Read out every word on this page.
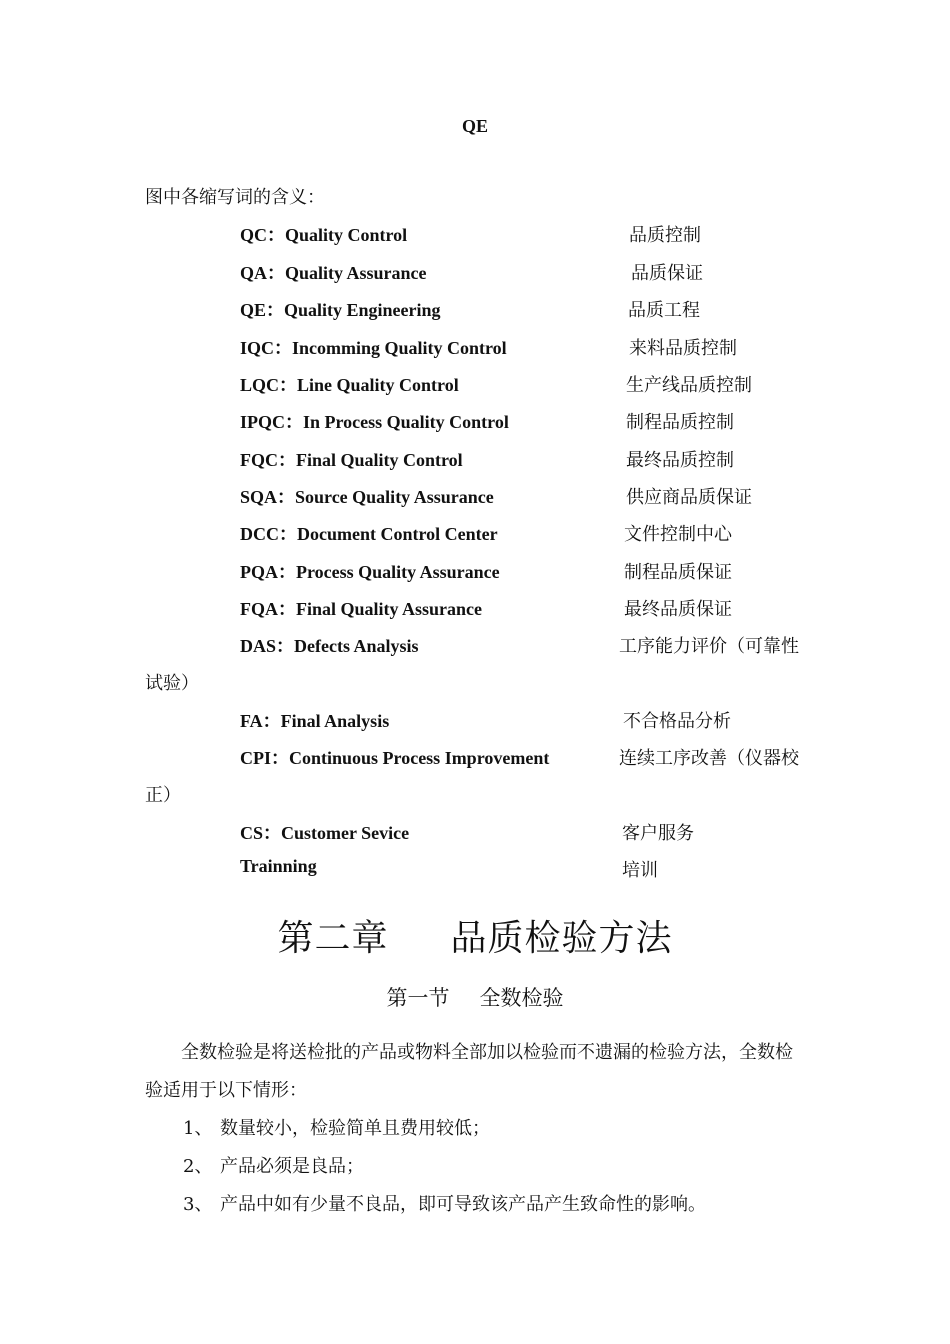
QE
图中各缩写词的含义：
QC：Quality Control	品质控制
QA：Quality Assurance	品质保证
QE：Quality Engineering	品质工程
IQC：Incomming Quality Control	来料品质控制
LQC：Line Quality Control	生产线品质控制
IPQC：In Process Quality Control	制程品质控制
FQC：Final Quality Control	最终品质控制
SQA：Source Quality Assurance	供应商品质保证
DCC：Document Control Center	文件控制中心
PQA：Process Quality Assurance	制程品质保证
FQA：Final Quality Assurance	最终品质保证
DAS：Defects Analysis	工序能力评价（可靠性
试验）
FA：Final Analysis	不合格品分析
CPI：Continuous Process Improvement	连续工序改善（仪器校
正）
CS：Customer Sevice	客户服务
Trainning	培训
第二章 品质检验方法
第一节 全数检验
全数检验是将送检批的产品或物料全部加以检验而不遗漏的检验方法，全数检验适用于以下情形：
1、 数量较小，检验简单且费用较低；
2、 产品必须是良品；
3、 产品中如有少量不良品，即可导致该产品产生致命性的影响。
